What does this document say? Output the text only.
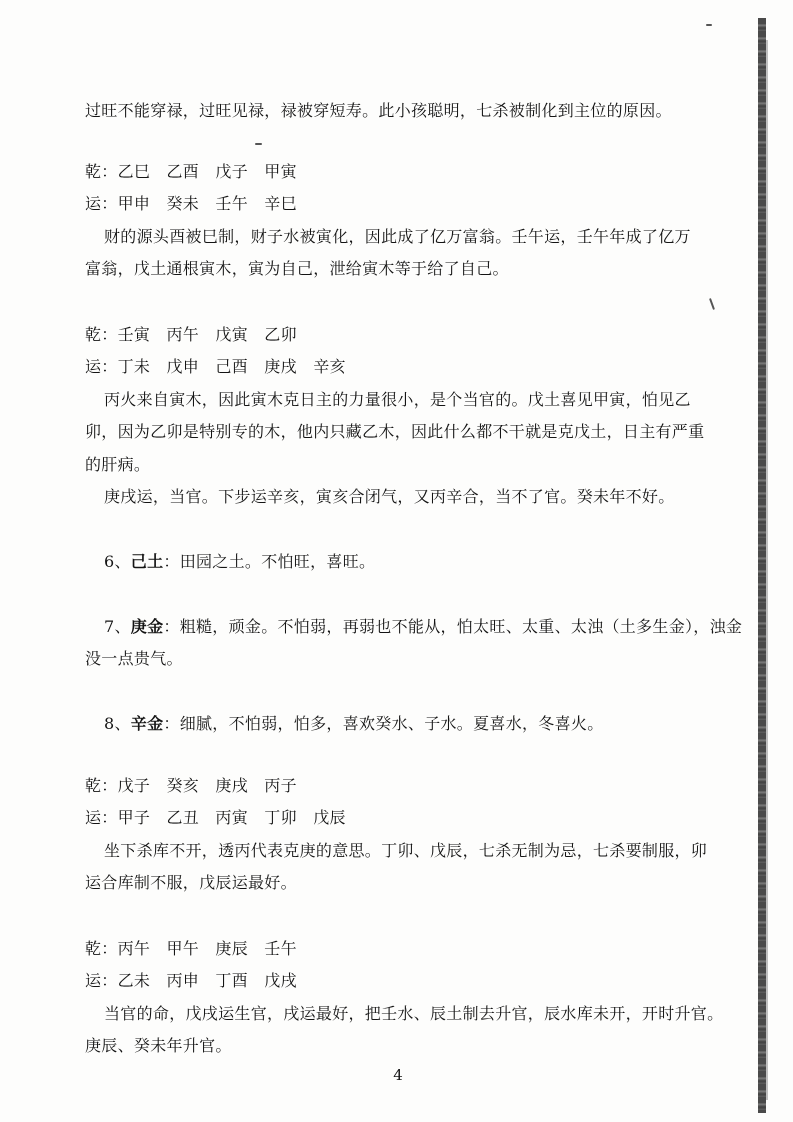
过旺不能穿禄，过旺见禄，禄被穿短寿。此小孩聪明，七杀被制化到主位的原因。
乾：乙巳　乙酉　戊子　甲寅
运：甲申　癸未　壬午　辛巳
财的源头酉被巳制，财子水被寅化，因此成了亿万富翁。壬午运，壬午年成了亿万
富翁，戊土通根寅木，寅为自己，泄给寅木等于给了自己。
乾：壬寅　丙午　戊寅　乙卯
运：丁未　戊申　己酉　庚戌　辛亥
丙火来自寅木，因此寅木克日主的力量很小，是个当官的。戊土喜见甲寅，怕见乙
卯，因为乙卯是特别专的木，他内只藏乙木，因此什么都不干就是克戊土，日主有严重
的肝病。
庚戌运，当官。下步运辛亥，寅亥合闭气，又丙辛合，当不了官。癸未年不好。
6、己土：田园之土。不怕旺，喜旺。
7、庚金：粗糙，顽金。不怕弱，再弱也不能从，怕太旺、太重、太浊（土多生金），浊金
没一点贵气。
8、辛金：细腻，不怕弱，怕多，喜欢癸水、子水。夏喜水，冬喜火。
乾：戊子　癸亥　庚戌　丙子
运：甲子　乙丑　丙寅　丁卯　戊辰
坐下杀库不开，透丙代表克庚的意思。丁卯、戊辰，七杀无制为忌，七杀要制服，卯
运合库制不服，戊辰运最好。
乾：丙午　甲午　庚辰　壬午
运：乙未　丙申　丁酉　戊戌
当官的命，戊戌运生官，戌运最好，把壬水、辰土制去升官，辰水库未开，开时升官。
庚辰、癸未年升官。
4
